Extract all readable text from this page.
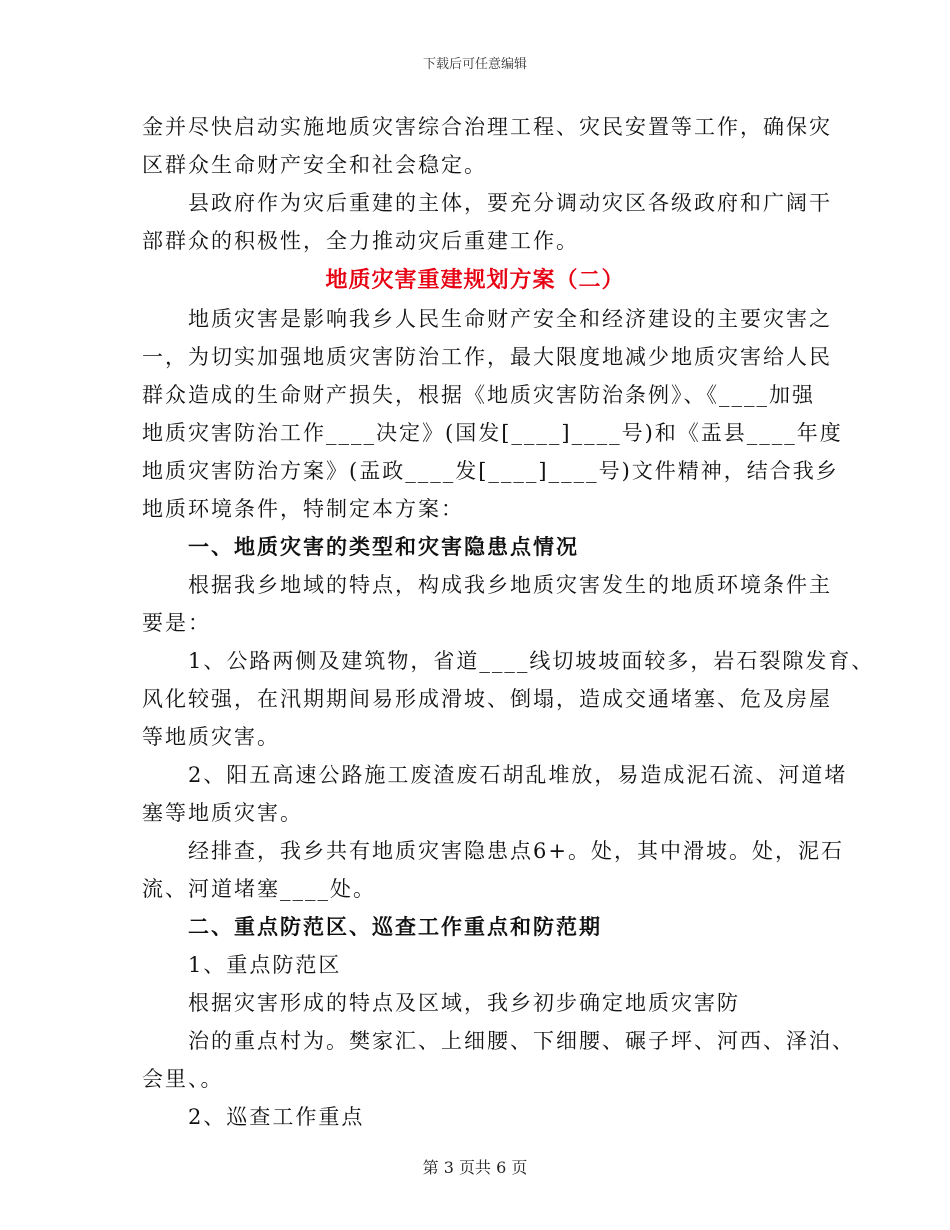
下载后可任意编辑

金并尽快启动实施地质灾害综合治理工程、灾民安置等工作，确保灾
区群众生命财产安全和社会稳定。

县政府作为灾后重建的主体，要充分调动灾区各级政府和广阔干
部群众的积极性，全力推动灾后重建工作。

地质灾害重建规划方案（二）

地质灾害是影响我乡人民生命财产安全和经济建设的主要灾害之
一，为切实加强地质灾害防治工作，最大限度地减少地质灾害给人民
群众造成的生命财产损失，根据《地质灾害防治条例》、《____加强
地质灾害防治工作____决定》(国发[____]____号)和《盂县____年度
地质灾害防治方案》(盂政____发[____]____号)文件精神，结合我乡
地质环境条件，特制定本方案：

一、地质灾害的类型和灾害隐患点情况

根据我乡地域的特点，构成我乡地质灾害发生的地质环境条件主
要是：

1、公路两侧及建筑物，省道____线切坡坡面较多，岩石裂隙发育、
风化较强，在汛期期间易形成滑坡、倒塌，造成交通堵塞、危及房屋
等地质灾害。

2、阳五高速公路施工废渣废石胡乱堆放，易造成泥石流、河道堵
塞等地质灾害。

经排查，我乡共有地质灾害隐患点6+。处，其中滑坡。处，泥石
流、河道堵塞____处。

二、重点防范区、巡查工作重点和防范期

1、重点防范区

根据灾害形成的特点及区域，我乡初步确定地质灾害防

治的重点村为。樊家汇、上细腰、下细腰、碾子坪、河西、泽泊、
会里、。

2、巡查工作重点

第 3 页共 6 页
